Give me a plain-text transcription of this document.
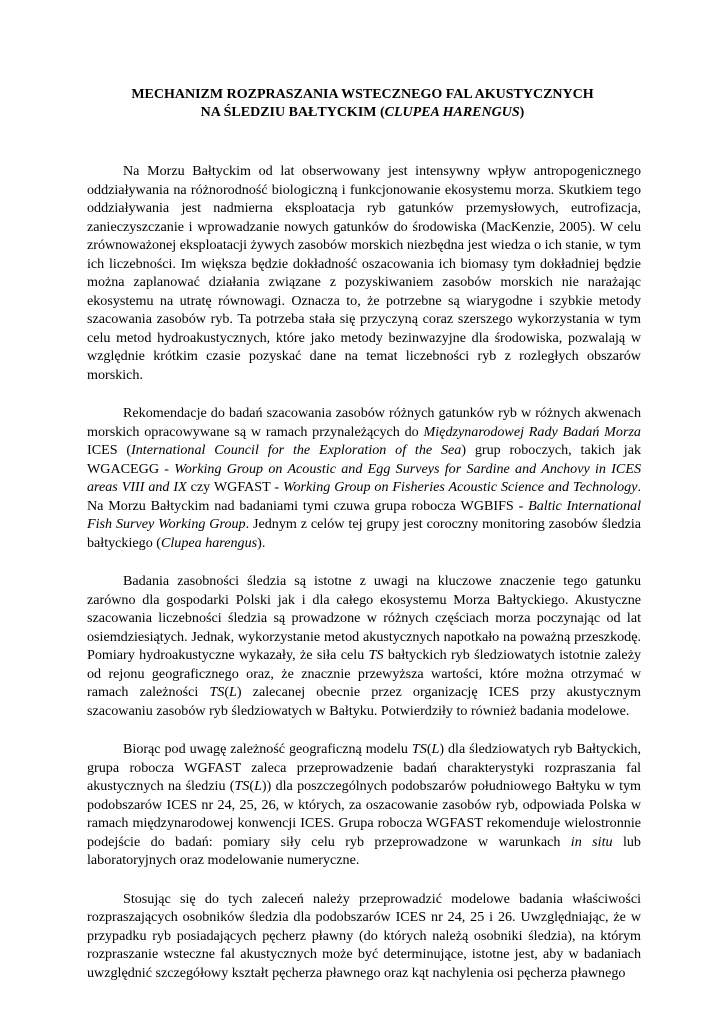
MECHANIZM ROZPRASZANIA WSTECZNEGO FAL AKUSTYCZNYCH
NA ŚLEDZIU BAŁTYCKIM (CLUPEA HARENGUS)

Na Morzu Bałtyckim od lat obserwowany jest intensywny wpływ antropogenicznego oddziaływania na różnorodność biologiczną i funkcjonowanie ekosystemu morza. Skutkiem tego oddziaływania jest nadmierna eksploatacja ryb gatunków przemysłowych, eutrofizacja, zanieczyszczanie i wprowadzanie nowych gatunków do środowiska (MacKenzie, 2005). W celu zrównoważonej eksploatacji żywych zasobów morskich niezbędna jest wiedza o ich stanie, w tym ich liczebności. Im większa będzie dokładność oszacowania ich biomasy tym dokładniej będzie można zaplanować działania związane z pozyskiwaniem zasobów morskich nie narażając ekosystemu na utratę równowagi. Oznacza to, że potrzebne są wiarygodne i szybkie metody szacowania zasobów ryb. Ta potrzeba stała się przyczyną coraz szerszego wykorzystania w tym celu metod hydroakustycznych, które jako metody bezinwazyjne dla środowiska, pozwalają w względnie krótkim czasie pozyskać dane na temat liczebności ryb z rozległych obszarów morskich.

Rekomendacje do badań szacowania zasobów różnych gatunków ryb w różnych akwenach morskich opracowywane są w ramach przynależących do Międzynarodowej Rady Badań Morza ICES (International Council for the Exploration of the Sea) grup roboczych, takich jak WGACEGG - Working Group on Acoustic and Egg Surveys for Sardine and Anchovy in ICES areas VIII and IX czy WGFAST - Working Group on Fisheries Acoustic Science and Technology. Na Morzu Bałtyckim nad badaniami tymi czuwa grupa robocza WGBIFS - Baltic International Fish Survey Working Group. Jednym z celów tej grupy jest coroczny monitoring zasobów śledzia bałtyckiego (Clupea harengus).

Badania zasobności śledzia są istotne z uwagi na kluczowe znaczenie tego gatunku zarówno dla gospodarki Polski jak i dla całego ekosystemu Morza Bałtyckiego. Akustyczne szacowania liczebności śledzia są prowadzone w różnych częściach morza poczynając od lat osiemdziesiątych. Jednak, wykorzystanie metod akustycznych napotkało na poważną przeszkodę. Pomiary hydroakustyczne wykazały, że siła celu TS bałtyckich ryb śledziowatych istotnie zależy od rejonu geograficznego oraz, że znacznie przewyższa wartości, które można otrzymać w ramach zależności TS(L) zalecanej obecnie przez organizację ICES przy akustycznym szacowaniu zasobów ryb śledziowatych w Bałtyku. Potwierdziły to również badania modelowe.

Biorąc pod uwagę zależność geograficzną modelu TS(L) dla śledziowatych ryb Bałtyckich, grupa robocza WGFAST zaleca przeprowadzenie badań charakterystyki rozpraszania fal akustycznych na śledziu (TS(L)) dla poszczególnych podobszarów południowego Bałtyku w tym podobszarów ICES nr 24, 25, 26, w których, za oszacowanie zasobów ryb, odpowiada Polska w ramach międzynarodowej konwencji ICES. Grupa robocza WGFAST rekomenduje wielostronnie podejście do badań: pomiary siły celu ryb przeprowadzone w warunkach in situ lub laboratoryjnych oraz modelowanie numeryczne.

Stosując się do tych zaleceń należy przeprowadzić modelowe badania właściwości rozpraszających osobników śledzia dla podobszarów ICES nr 24, 25 i 26. Uwzględniając, że w przypadku ryb posiadających pęcherz pławny (do których należą osobniki śledzia), na którym rozpraszanie wsteczne fal akustycznych może być determinujące, istotne jest, aby w badaniach uwzględnić szczegółowy kształt pęcherza pławnego oraz kąt nachylenia osi pęcherza pławnego
